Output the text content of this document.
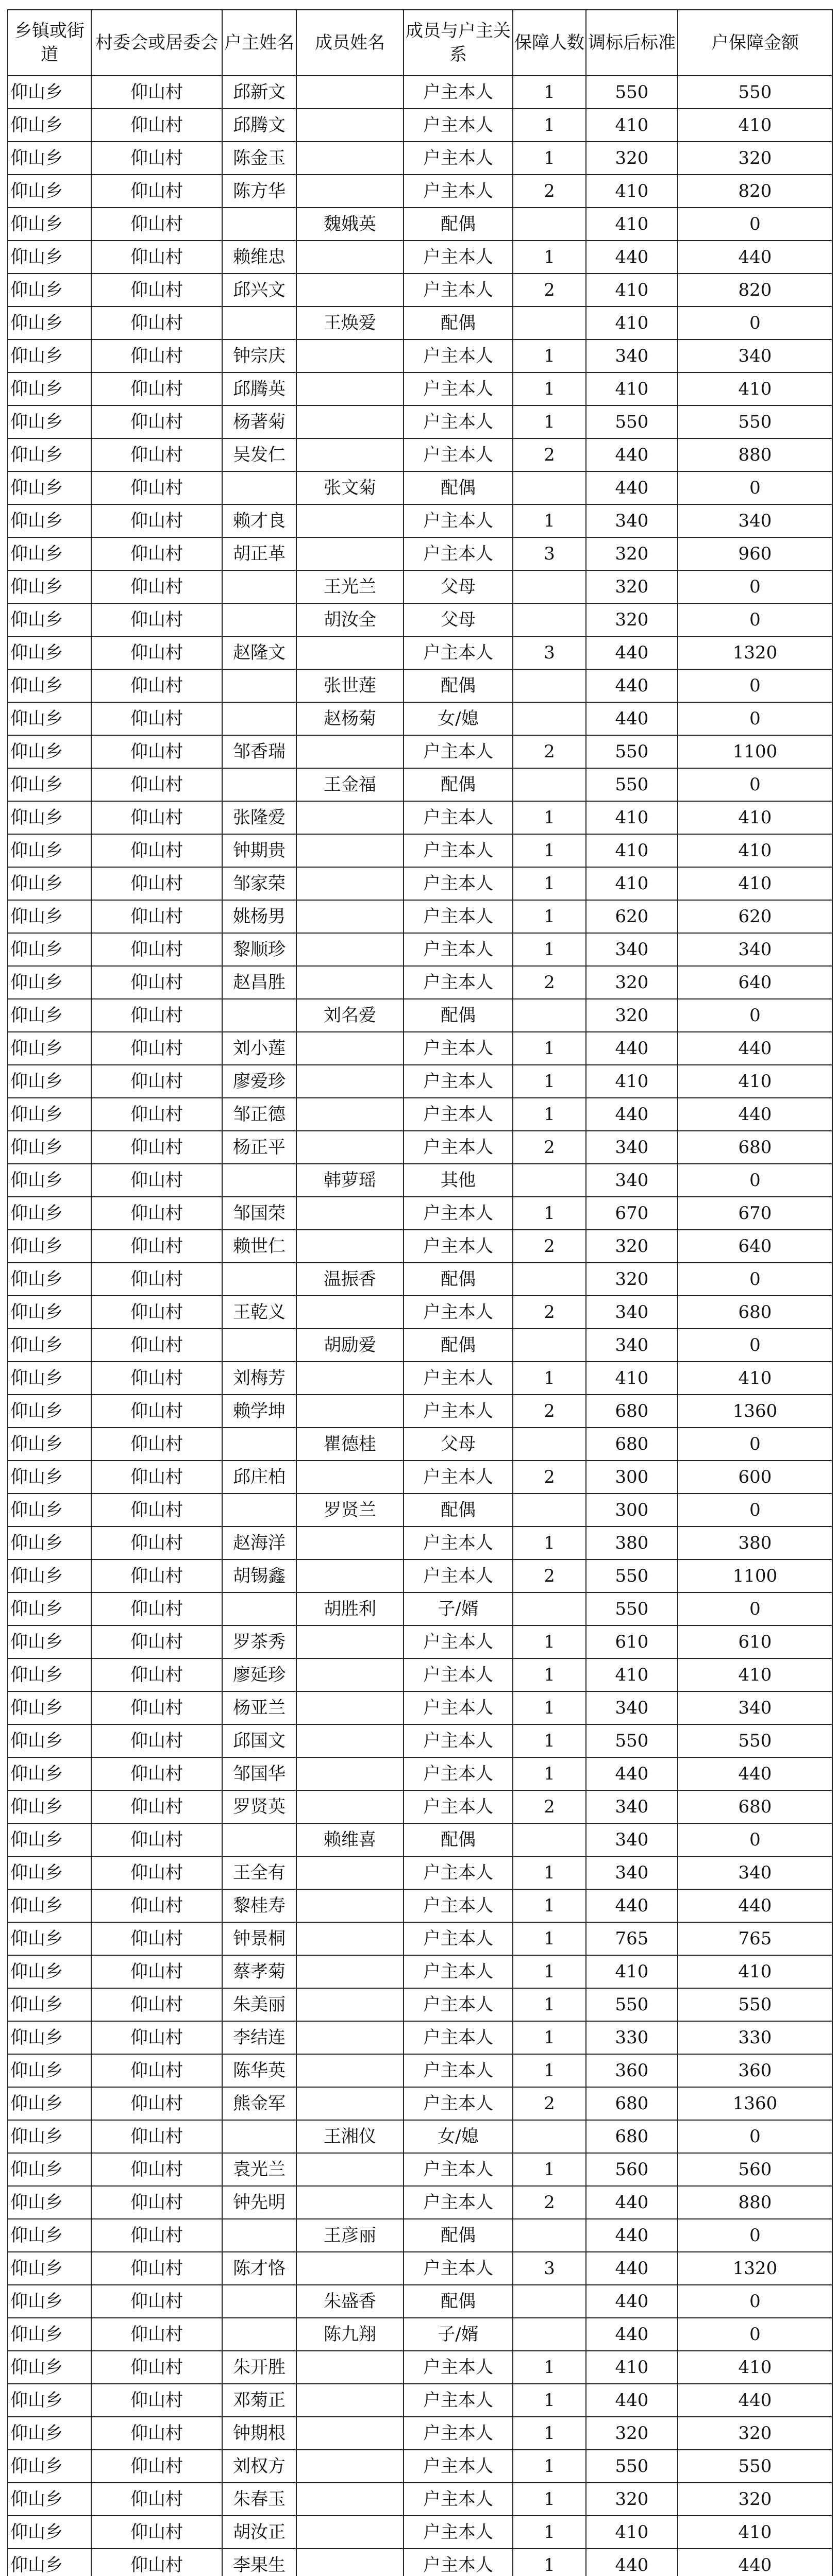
乡镇或街道	村委会或居委会	户主姓名	成员姓名	成员与户主关系	保障人数	调标后标准	户保障金额
仰山乡	仰山村	邱新文		户主本人	1	550	550
仰山乡	仰山村	邱腾文		户主本人	1	410	410
仰山乡	仰山村	陈金玉		户主本人	1	320	320
仰山乡	仰山村	陈方华		户主本人	2	410	820
仰山乡	仰山村		魏娥英	配偶		410	0
仰山乡	仰山村	赖维忠		户主本人	1	440	440
仰山乡	仰山村	邱兴文		户主本人	2	410	820
仰山乡	仰山村		王焕爱	配偶		410	0
仰山乡	仰山村	钟宗庆		户主本人	1	340	340
仰山乡	仰山村	邱腾英		户主本人	1	410	410
仰山乡	仰山村	杨著菊		户主本人	1	550	550
仰山乡	仰山村	吴发仁		户主本人	2	440	880
仰山乡	仰山村		张文菊	配偶		440	0
仰山乡	仰山村	赖才良		户主本人	1	340	340
仰山乡	仰山村	胡正革		户主本人	3	320	960
仰山乡	仰山村		王光兰	父母		320	0
仰山乡	仰山村		胡汝全	父母		320	0
仰山乡	仰山村	赵隆文		户主本人	3	440	1320
仰山乡	仰山村		张世莲	配偶		440	0
仰山乡	仰山村		赵杨菊	女/媳		440	0
仰山乡	仰山村	邹香瑞		户主本人	2	550	1100
仰山乡	仰山村		王金福	配偶		550	0
仰山乡	仰山村	张隆爱		户主本人	1	410	410
仰山乡	仰山村	钟期贵		户主本人	1	410	410
仰山乡	仰山村	邹家荣		户主本人	1	410	410
仰山乡	仰山村	姚杨男		户主本人	1	620	620
仰山乡	仰山村	黎顺珍		户主本人	1	340	340
仰山乡	仰山村	赵昌胜		户主本人	2	320	640
仰山乡	仰山村		刘名爱	配偶		320	0
仰山乡	仰山村	刘小莲		户主本人	1	440	440
仰山乡	仰山村	廖爱珍		户主本人	1	410	410
仰山乡	仰山村	邹正德		户主本人	1	440	440
仰山乡	仰山村	杨正平		户主本人	2	340	680
仰山乡	仰山村		韩萝瑶	其他		340	0
仰山乡	仰山村	邹国荣		户主本人	1	670	670
仰山乡	仰山村	赖世仁		户主本人	2	320	640
仰山乡	仰山村		温振香	配偶		320	0
仰山乡	仰山村	王乾义		户主本人	2	340	680
仰山乡	仰山村		胡励爱	配偶		340	0
仰山乡	仰山村	刘梅芳		户主本人	1	410	410
仰山乡	仰山村	赖学坤		户主本人	2	680	1360
仰山乡	仰山村		瞿德桂	父母		680	0
仰山乡	仰山村	邱庄柏		户主本人	2	300	600
仰山乡	仰山村		罗贤兰	配偶		300	0
仰山乡	仰山村	赵海洋		户主本人	1	380	380
仰山乡	仰山村	胡锡鑫		户主本人	2	550	1100
仰山乡	仰山村		胡胜利	子/婿		550	0
仰山乡	仰山村	罗茶秀		户主本人	1	610	610
仰山乡	仰山村	廖延珍		户主本人	1	410	410
仰山乡	仰山村	杨亚兰		户主本人	1	340	340
仰山乡	仰山村	邱国文		户主本人	1	550	550
仰山乡	仰山村	邹国华		户主本人	1	440	440
仰山乡	仰山村	罗贤英		户主本人	2	340	680
仰山乡	仰山村		赖维喜	配偶		340	0
仰山乡	仰山村	王全有		户主本人	1	340	340
仰山乡	仰山村	黎桂寿		户主本人	1	440	440
仰山乡	仰山村	钟景桐		户主本人	1	765	765
仰山乡	仰山村	蔡孝菊		户主本人	1	410	410
仰山乡	仰山村	朱美丽		户主本人	1	550	550
仰山乡	仰山村	李结连		户主本人	1	330	330
仰山乡	仰山村	陈华英		户主本人	1	360	360
仰山乡	仰山村	熊金军		户主本人	2	680	1360
仰山乡	仰山村		王湘仪	女/媳		680	0
仰山乡	仰山村	袁光兰		户主本人	1	560	560
仰山乡	仰山村	钟先明		户主本人	2	440	880
仰山乡	仰山村		王彦丽	配偶		440	0
仰山乡	仰山村	陈才恪		户主本人	3	440	1320
仰山乡	仰山村		朱盛香	配偶		440	0
仰山乡	仰山村		陈九翔	子/婿		440	0
仰山乡	仰山村	朱开胜		户主本人	1	410	410
仰山乡	仰山村	邓菊正		户主本人	1	440	440
仰山乡	仰山村	钟期根		户主本人	1	320	320
仰山乡	仰山村	刘权方		户主本人	1	550	550
仰山乡	仰山村	朱春玉		户主本人	1	320	320
仰山乡	仰山村	胡汝正		户主本人	1	410	410
仰山乡	仰山村	李果生		户主本人	1	440	440
